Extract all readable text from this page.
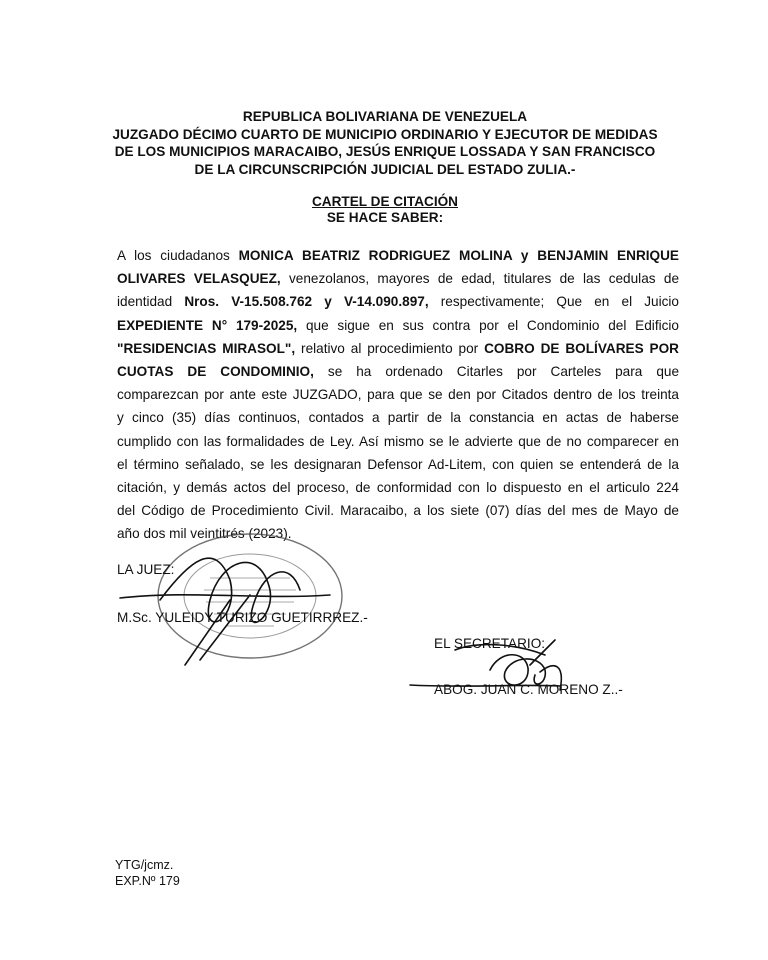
REPUBLICA BOLIVARIANA DE VENEZUELA
JUZGADO DÉCIMO CUARTO DE MUNICIPIO ORDINARIO Y EJECUTOR DE MEDIDAS
DE LOS MUNICIPIOS MARACAIBO, JESÚS ENRIQUE LOSSADA Y SAN FRANCISCO
DE LA CIRCUNSCRIPCIÓN JUDICIAL DEL ESTADO ZULIA.-
CARTEL DE CITACIÓN
SE HACE SABER:
A los ciudadanos MONICA BEATRIZ RODRIGUEZ MOLINA y BENJAMIN ENRIQUE
OLIVARES VELASQUEZ, venezolanos, mayores de edad, titulares de las cedulas de
identidad Nros. V-15.508.762 y V-14.090.897, respectivamente; Que en el Juicio
EXPEDIENTE N° 179-2025, que sigue en sus contra por el Condominio del Edificio
"RESIDENCIAS MIRASOL", relativo al procedimiento por COBRO DE BOLÍVARES POR
CUOTAS DE CONDOMINIO, se ha ordenado Citarles por Carteles para que
comparezcan por ante este JUZGADO, para que se den por Citados dentro de los treinta
y cinco (35) días continuos, contados a partir de la constancia en actas de haberse
cumplido con las formalidades de Ley. Así mismo se le advierte que de no comparecer en
el término señalado, se les designaran Defensor Ad-Litem, con quien se entenderá de la
citación, y demás actos del proceso, de conformidad con lo dispuesto en el articulo 224
del Código de Procedimiento Civil. Maracaibo, a los siete (07) días del mes de Mayo de
año dos mil veintitrés (2023).
LA JUEZ:
M.Sc. YULEIDY TURIZO GUETIRRREZ.-
EL SECRETARIO:
ABOG. JUAN C. MORENO Z..-
YTG/jcmz.
EXP.Nº 179
